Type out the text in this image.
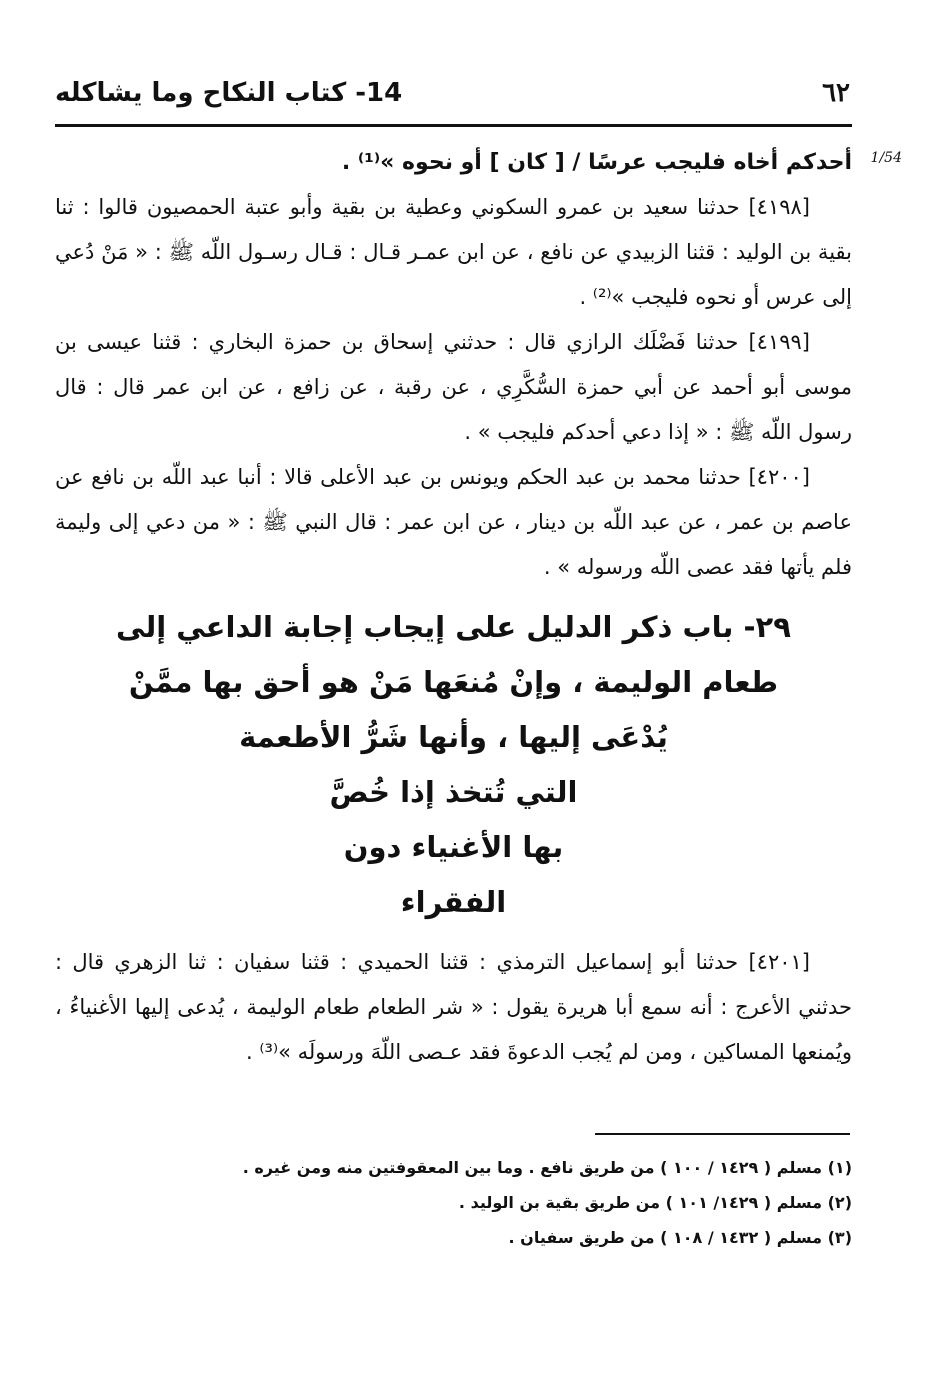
٦٢
14- كتاب النكاح وما يشاكله
1/54

أحدكم أخاه فليجب عرسًا / [ كان ] أو نحوه »⁽¹⁾ .

[٤١٩٨] حدثنا سعيد بن عمرو السكوني وعطية بن بقية وأبو عتبة الحمصيون قالوا : ثنا بقية بن الوليد : قثنا الزبيدي عن نافع ، عن ابن عمـر قـال : قـال رسـول اللّه ﷺ : « مَنْ دُعي إلى عرس أو نحوه فليجب »⁽²⁾ .

[٤١٩٩] حدثنا فَضْلَك الرازي قال : حدثني إسحاق بن حمزة البخاري : قثنا عيسى بن موسى أبو أحمد عن أبي حمزة السُّكَّرِي ، عن رقبة ، عن زافع ، عن ابن عمر قال : قال رسول اللّه ﷺ : « إذا دعي أحدكم فليجب » .

[٤٢٠٠] حدثنا محمد بن عبد الحكم ويونس بن عبد الأعلى قالا : أنبا عبد اللّه بن نافع عن عاصم بن عمر ، عن عبد اللّه بن دينار ، عن ابن عمر : قال النبي ﷺ : « من دعي إلى وليمة فلم يأتها فقد عصى اللّه ورسوله » .

٢٩- باب ذكر الدليل على إيجاب إجابة الداعي إلى
طعام الوليمة ، وإنْ مُنعَها مَنْ هو أحق بها ممَّنْ
يُدْعَى إليها ، وأنها شَرُّ الأطعمة
التي تُتخذ إذا خُصَّ
بها الأغنياء دون
الفقراء

[٤٢٠١] حدثنا أبو إسماعيل الترمذي : قثنا الحميدي : قثنا سفيان : ثنا الزهري قال : حدثني الأعرج : أنه سمع أبا هريرة يقول : « شر الطعام طعام الوليمة ، يُدعى إليها الأغنياءُ ، ويُمنعها المساكين ، ومن لم يُجب الدعوةَ فقد عـصى اللّهَ ورسولَه »⁽³⁾ .

(١) مسلم ( ١٤٢٩ / ١٠٠ ) من طريق نافع . وما بين المعقوفتين منه ومن غيره .

(٢) مسلم ( ١٤٢٩/ ١٠١ ) من طريق بقية بن الوليد .

(٣) مسلم ( ١٤٣٢ / ١٠٨ ) من طريق سفيان .
